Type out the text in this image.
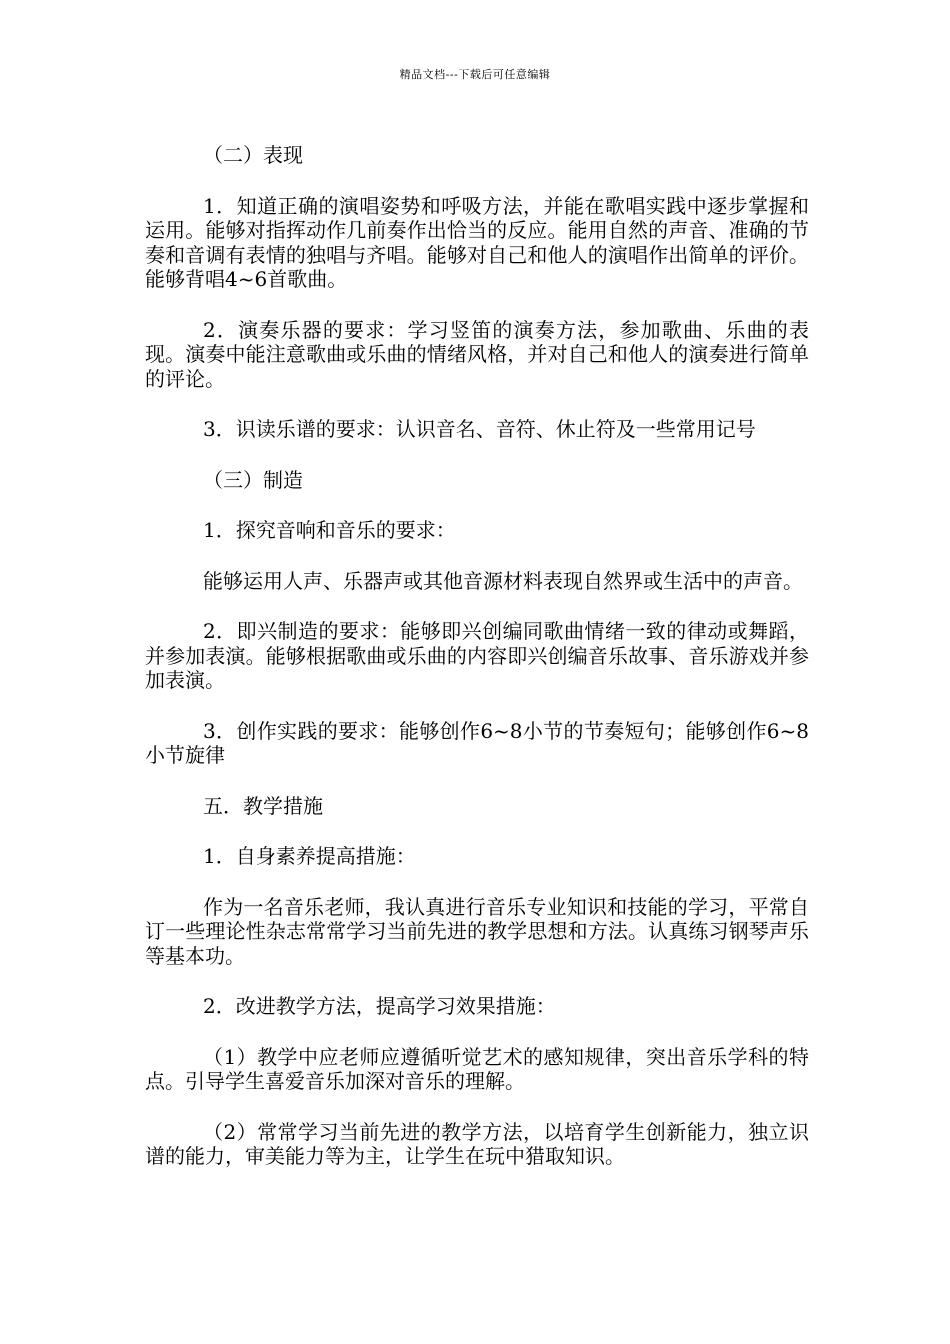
精品文档---下载后可任意编辑

（二）表现

1．知道正确的演唱姿势和呼吸方法，并能在歌唱实践中逐步掌握和运用。能够对指挥动作几前奏作出恰当的反应。能用自然的声音、准确的节奏和音调有表情的独唱与齐唱。能够对自己和他人的演唱作出简单的评价。能够背唱4~6首歌曲。

2．演奏乐器的要求：学习竖笛的演奏方法，参加歌曲、乐曲的表现。演奏中能注意歌曲或乐曲的情绪风格，并对自己和他人的演奏进行简单的评论。

3．识读乐谱的要求：认识音名、音符、休止符及一些常用记号

（三）制造

1．探究音响和音乐的要求：

能够运用人声、乐器声或其他音源材料表现自然界或生活中的声音。

2．即兴制造的要求：能够即兴创编同歌曲情绪一致的律动或舞蹈，并参加表演。能够根据歌曲或乐曲的内容即兴创编音乐故事、音乐游戏并参加表演。

3．创作实践的要求：能够创作6~8小节的节奏短句；能够创作6~8小节旋律

五．教学措施

1．自身素养提高措施：

作为一名音乐老师，我认真进行音乐专业知识和技能的学习，平常自订一些理论性杂志常常学习当前先进的教学思想和方法。认真练习钢琴声乐等基本功。

2．改进教学方法，提高学习效果措施：

（1）教学中应老师应遵循听觉艺术的感知规律，突出音乐学科的特点。引导学生喜爱音乐加深对音乐的理解。

（2）常常学习当前先进的教学方法，以培育学生创新能力，独立识谱的能力，审美能力等为主，让学生在玩中猎取知识。
